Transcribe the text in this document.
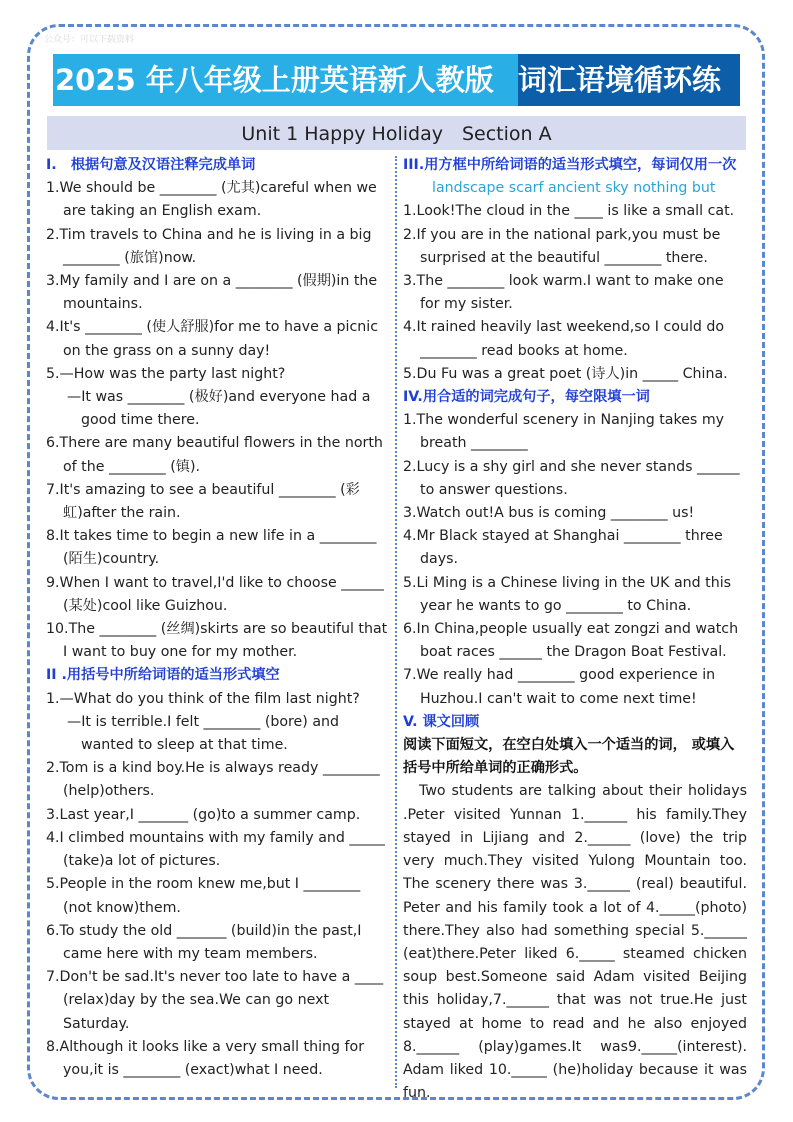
公众号：可以下载资料
2025 年八年级上册英语新人教版 词汇语境循环练
Unit 1 Happy Holiday　Section A
I.　根据句意及汉语注释完成单词
1.We should be ________ (尤其)careful when we are taking an English exam.
2.Tim travels to China and he is living in a big ________ (旅馆)now.
3.My family and I are on a ________ (假期)in the mountains.
4.It's ________ (使人舒服)for me to have a picnic on the grass on a sunny day!
5.—How was the party last night?
—It was ________ (极好)and everyone had a good time there.
6.There are many beautiful flowers in the north of the ________ (镇).
7.It's amazing to see a beautiful ________ (彩虹)after the rain.
8.It takes time to begin a new life in a ________ (陌生)country.
9.When I want to travel,I'd like to choose ______ (某处)cool like Guizhou.
10.The ________ (丝绸)skirts are so beautiful that I want to buy one for my mother.
II .用括号中所给词语的适当形式填空
1.—What do you think of the film last night?
—It is terrible.I felt ________ (bore) and wanted to sleep at that time.
2.Tom is a kind boy.He is always ready ________ (help)others.
3.Last year,I _______ (go)to a summer camp.
4.I climbed mountains with my family and _____ (take)a lot of pictures.
5.People in the room knew me,but I ________ (not know)them.
6.To study the old _______ (build)in the past,I came here with my team members.
7.Don't be sad.It's never too late to have a ____ (relax)day by the sea.We can go next Saturday.
8.Although it looks like a very small thing for you,it is ________ (exact)what I need.
III.用方框中所给词语的适当形式填空，每词仅用一次
landscape scarf ancient sky nothing but
1.Look!The cloud in the ____ is like a small cat.
2.If you are in the national park,you must be surprised at the beautiful ________ there.
3.The ________ look warm.I want to make one for my sister.
4.It rained heavily last weekend,so I could do ________ read books at home.
5.Du Fu was a great poet (诗人)in _____ China.
IV.用合适的词完成句子，每空限填一词
1.The wonderful scenery in Nanjing takes my breath ________
2.Lucy is a shy girl and she never stands ______ to answer questions.
3.Watch out!A bus is coming ________ us!
4.Mr Black stayed at Shanghai ________ three days.
5.Li Ming is a Chinese living in the UK and this year he wants to go ________ to China.
6.In China,people usually eat zongzi and watch boat races ______ the Dragon Boat Festival.
7.We really had ________ good experience in Huzhou.I can't wait to come next time!
V. 课文回顾
阅读下面短文，在空白处填入一个适当的词， 或填入括号中所给单词的正确形式。
Two students are talking about their holidays .Peter visited Yunnan 1.______ his family.They stayed in Lijiang and 2.______ (love) the trip very much.They visited Yulong Mountain too. The scenery there was 3.______ (real) beautiful. Peter and his family took a lot of 4._____(photo) there.They also had something special 5.______ (eat)there.Peter liked 6._____ steamed chicken soup best.Someone said Adam visited Beijing this holiday,7.______ that was not true.He just stayed at home to read and he also enjoyed 8.______ (play)games.It was9._____(interest). Adam liked 10._____ (he)holiday because it was fun.
